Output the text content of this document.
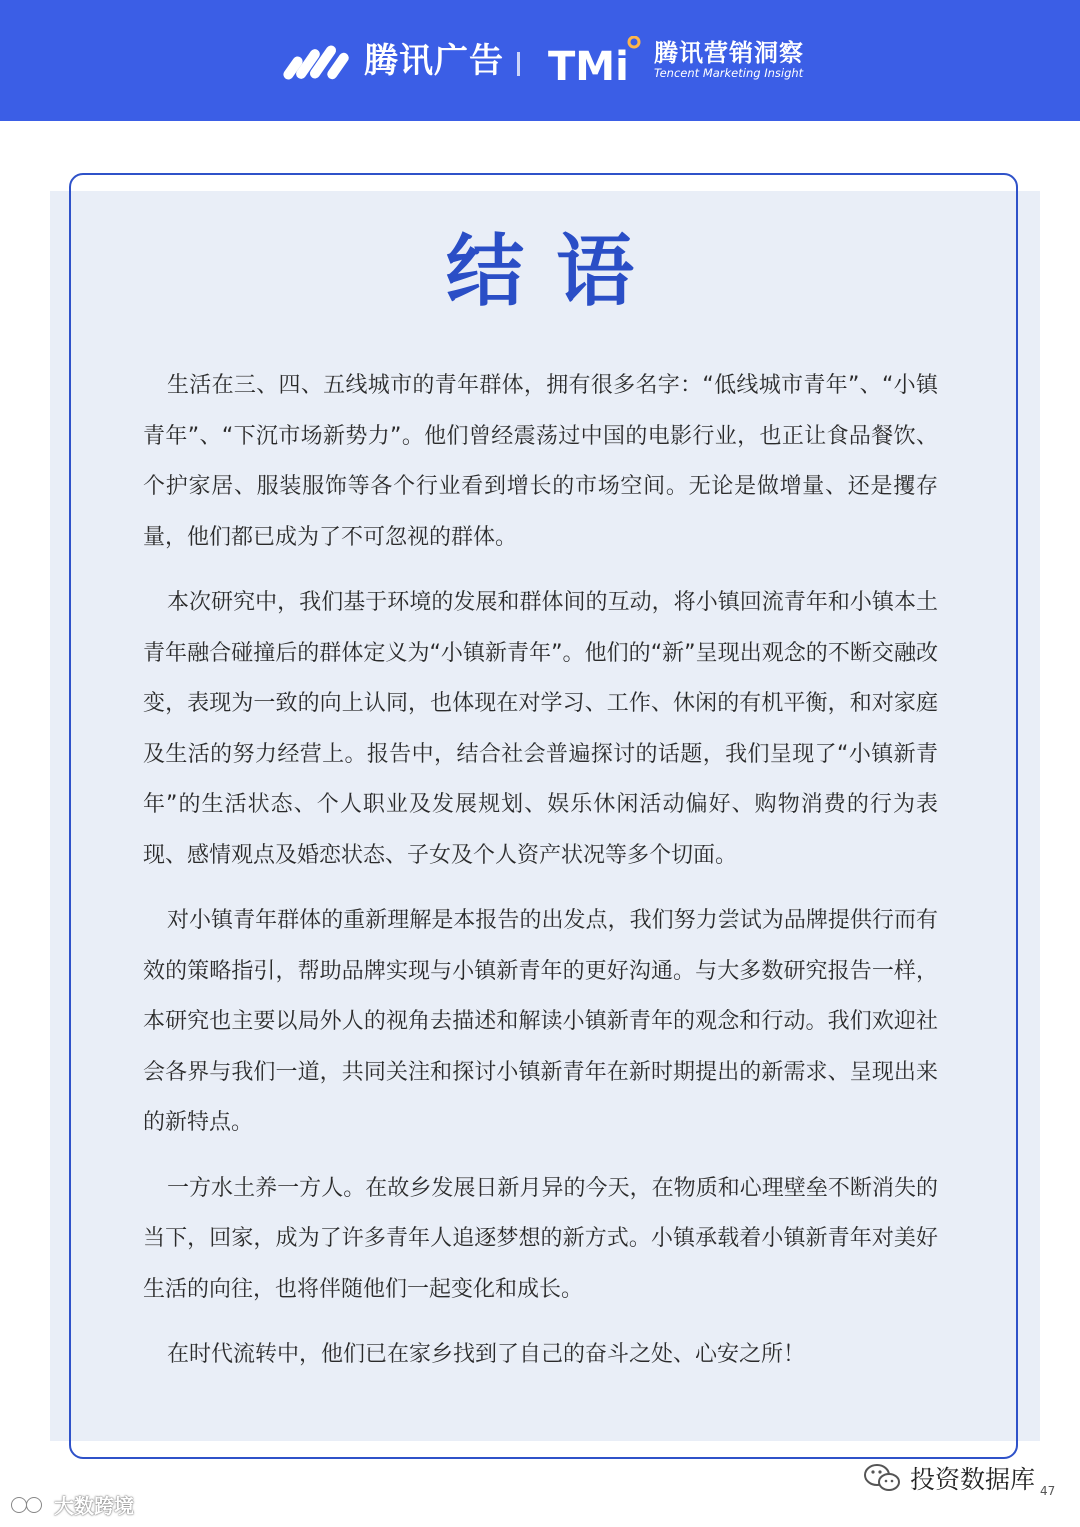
腾讯广告 TMi 腾讯营销洞察
Tencent Marketing Insight
结语

生活在三、四、五线城市的青年群体，拥有很多名字：“低线城市青年”、“小镇青年”、“下沉市场新势力”。他们曾经震荡过中国的电影行业，也正让食品餐饮、个护家居、服装服饰等各个行业看到增长的市场空间。无论是做增量、还是攫存量，他们都已成为了不可忽视的群体。

本次研究中，我们基于环境的发展和群体间的互动，将小镇回流青年和小镇本土青年融合碰撞后的群体定义为“小镇新青年”。他们的“新”呈现出观念的不断交融改变，表现为一致的向上认同，也体现在对学习、工作、休闲的有机平衡，和对家庭及生活的努力经营上。报告中，结合社会普遍探讨的话题，我们呈现了“小镇新青年”的生活状态、个人职业及发展规划、娱乐休闲活动偏好、购物消费的行为表现、感情观点及婚恋状态、子女及个人资产状况等多个切面。

对小镇青年群体的重新理解是本报告的出发点，我们努力尝试为品牌提供行而有效的策略指引，帮助品牌实现与小镇新青年的更好沟通。与大多数研究报告一样，本研究也主要以局外人的视角去描述和解读小镇新青年的观念和行动。我们欢迎社会各界与我们一道，共同关注和探讨小镇新青年在新时期提出的新需求、呈现出来的新特点。

一方水土养一方人。在故乡发展日新月异的今天，在物质和心理壁垒不断消失的当下，回家，成为了许多青年人追逐梦想的新方式。小镇承载着小镇新青年对美好生活的向往，也将伴随他们一起变化和成长。

在时代流转中，他们已在家乡找到了自己的奋斗之处、心安之所！

大数跨境
投资数据库 47
